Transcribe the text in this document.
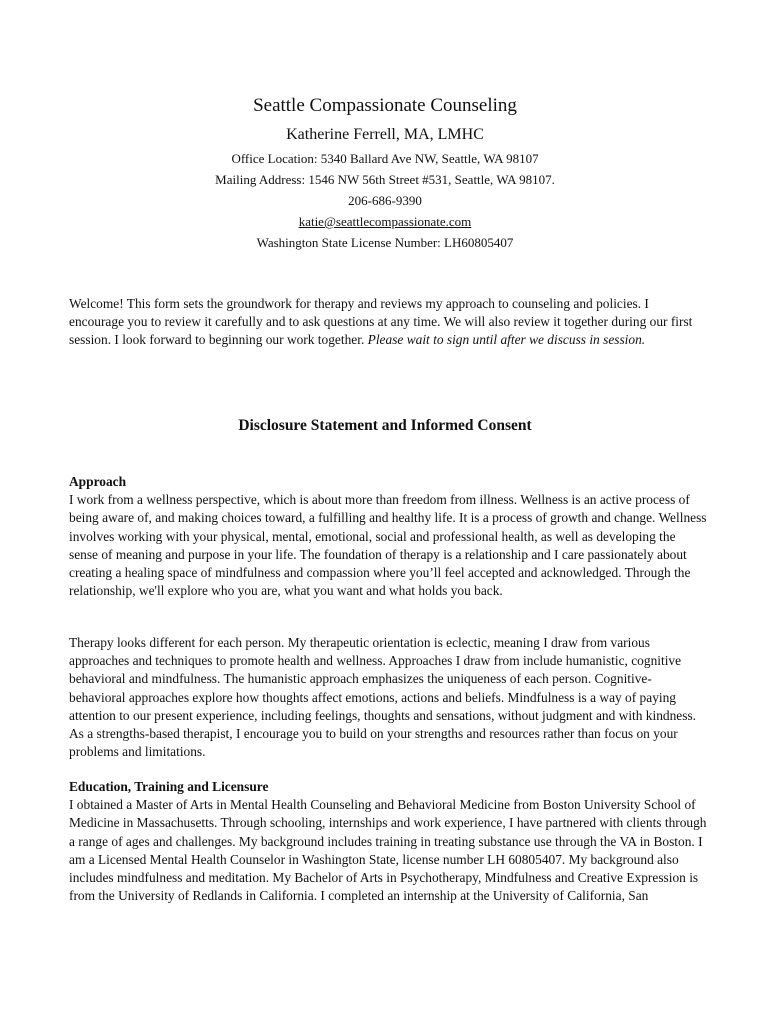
Seattle Compassionate Counseling
Katherine Ferrell, MA, LMHC
Office Location: 5340 Ballard Ave NW, Seattle, WA 98107
Mailing Address: 1546 NW 56th Street #531, Seattle, WA 98107.
206-686-9390
katie@seattlecompassionate.com
Washington State License Number: LH60805407

Welcome! This form sets the groundwork for therapy and reviews my approach to counseling and policies. I encourage you to review it carefully and to ask questions at any time. We will also review it together during our first session. I look forward to beginning our work together. Please wait to sign until after we discuss in session.

Disclosure Statement and Informed Consent
Approach

I work from a wellness perspective, which is about more than freedom from illness. Wellness is an active process of being aware of, and making choices toward, a fulfilling and healthy life. It is a process of growth and change. Wellness involves working with your physical, mental, emotional, social and professional health, as well as developing the sense of meaning and purpose in your life. The foundation of therapy is a relationship and I care passionately about creating a healing space of mindfulness and compassion where you’ll feel accepted and acknowledged. Through the relationship, we'll explore who you are, what you want and what holds you back.

Therapy looks different for each person. My therapeutic orientation is eclectic, meaning I draw from various approaches and techniques to promote health and wellness. Approaches I draw from include humanistic, cognitive behavioral and mindfulness. The humanistic approach emphasizes the uniqueness of each person. Cognitive-behavioral approaches explore how thoughts affect emotions, actions and beliefs. Mindfulness is a way of paying attention to our present experience, including feelings, thoughts and sensations, without judgment and with kindness. As a strengths-based therapist, I encourage you to build on your strengths and resources rather than focus on your problems and limitations.

Education, Training and Licensure

I obtained a Master of Arts in Mental Health Counseling and Behavioral Medicine from Boston University School of Medicine in Massachusetts. Through schooling, internships and work experience, I have partnered with clients through a range of ages and challenges. My background includes training in treating substance use through the VA in Boston. I am a Licensed Mental Health Counselor in Washington State, license number LH 60805407. My background also includes mindfulness and meditation. My Bachelor of Arts in Psychotherapy, Mindfulness and Creative Expression is from the University of Redlands in California. I completed an internship at the University of California, San
